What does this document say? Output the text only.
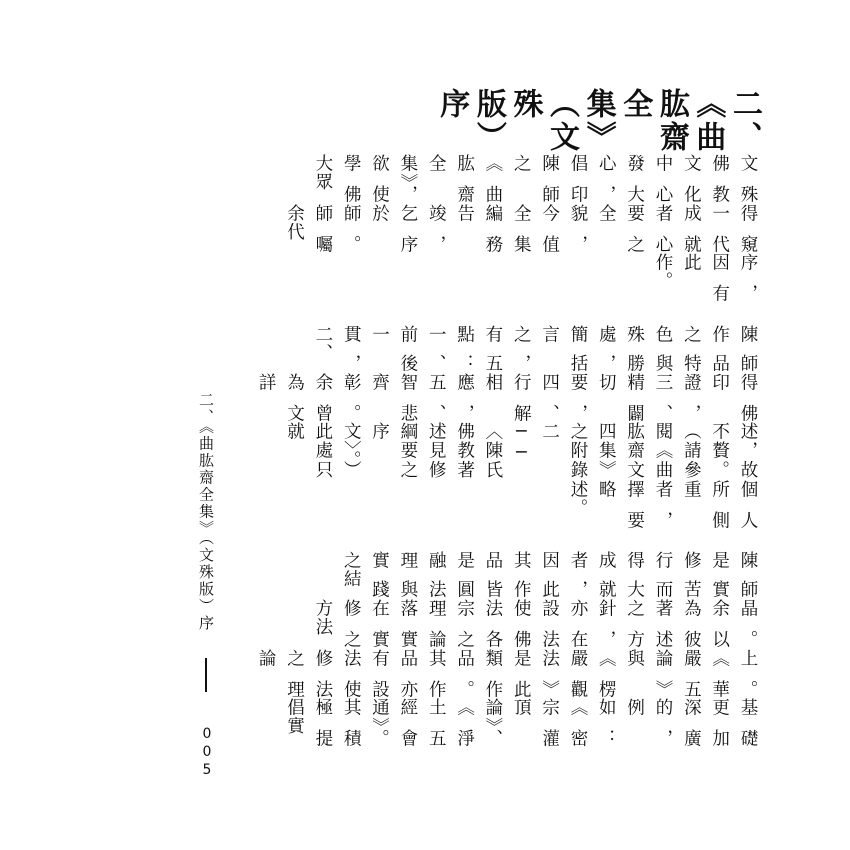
二、《曲肱齋全集》（文殊版）序
文殊佛教文化中心發大心，倡印陳師之《曲肱齋全集》，欲使學佛大眾
得窺一代成就者心要之全貌，今值全集編務告竣，乞序於師。師囑余代
序，因有此作。
陳師作品之特色與殊勝處，簡括言之，有五點：一、前後一貫，二、
得佛印證，三、精闢切要，四、行解相應，五、智悲齊彰。余曾為文詳
述，故不贅。（請參閱《曲肱齋文四集》之附錄二──〈陳氏佛教著述見修綱要之序文〉。）此處只就
個人所側重者，擇要略述。
陳師是實修苦行而得大成就者，因此其作品皆是圓融法理與實踐之結
晶。余以為彼著述之方針，亦在設法使佛法各宗之理論落實在實修之方法
上。《華嚴五論》與《楞嚴觀法》是此類作品。其作品亦有設法使修法之理論
基礎更加深廣的，例如：《密宗灌頂論》、《淨土五經會通》。其積極提倡實
二、《曲肱齋全集》（文殊版）序
005
